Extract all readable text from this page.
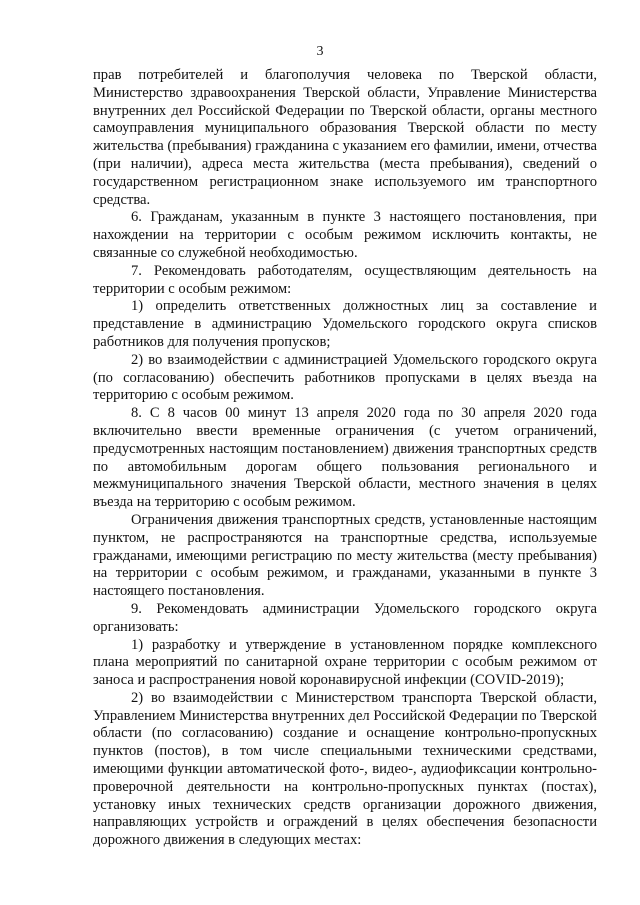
3

прав потребителей и благополучия человека по Тверской области, Министерство здравоохранения Тверской области, Управление Министерства внутренних дел Российской Федерации по Тверской области, органы местного самоуправления муниципального образования Тверской области по месту жительства (пребывания) гражданина с указанием его фамилии, имени, отчества (при наличии), адреса места жительства (места пребывания), сведений о государственном регистрационном знаке используемого им транспортного средства.

6. Гражданам, указанным в пункте 3 настоящего постановления, при нахождении на территории с особым режимом исключить контакты, не связанные со служебной необходимостью.

7. Рекомендовать работодателям, осуществляющим деятельность на территории с особым режимом:

1) определить ответственных должностных лиц за составление и представление в администрацию Удомельского городского округа списков работников для получения пропусков;

2) во взаимодействии с администрацией Удомельского городского округа (по согласованию) обеспечить работников пропусками в целях въезда на территорию с особым режимом.

8. С 8 часов 00 минут 13 апреля 2020 года по 30 апреля 2020 года включительно ввести временные ограничения (с учетом ограничений, предусмотренных настоящим постановлением) движения транспортных средств по автомобильным дорогам общего пользования регионального и межмуниципального значения Тверской области, местного значения в целях въезда на территорию с особым режимом.

Ограничения движения транспортных средств, установленные настоящим пунктом, не распространяются на транспортные средства, используемые гражданами, имеющими регистрацию по месту жительства (месту пребывания) на территории с особым режимом, и гражданами, указанными в пункте 3 настоящего постановления.

9. Рекомендовать администрации Удомельского городского округа организовать:

1) разработку и утверждение в установленном порядке комплексного плана мероприятий по санитарной охране территории с особым режимом от заноса и распространения новой коронавирусной инфекции (COVID-2019);

2) во взаимодействии с Министерством транспорта Тверской области, Управлением Министерства внутренних дел Российской Федерации по Тверской области (по согласованию) создание и оснащение контрольно-пропускных пунктов (постов), в том числе специальными техническими средствами, имеющими функции автоматической фото-, видео-, аудиофиксации контрольно-проверочной деятельности на контрольно-пропускных пунктах (постах), установку иных технических средств организации дорожного движения, направляющих устройств и ограждений в целях обеспечения безопасности дорожного движения в следующих местах:
